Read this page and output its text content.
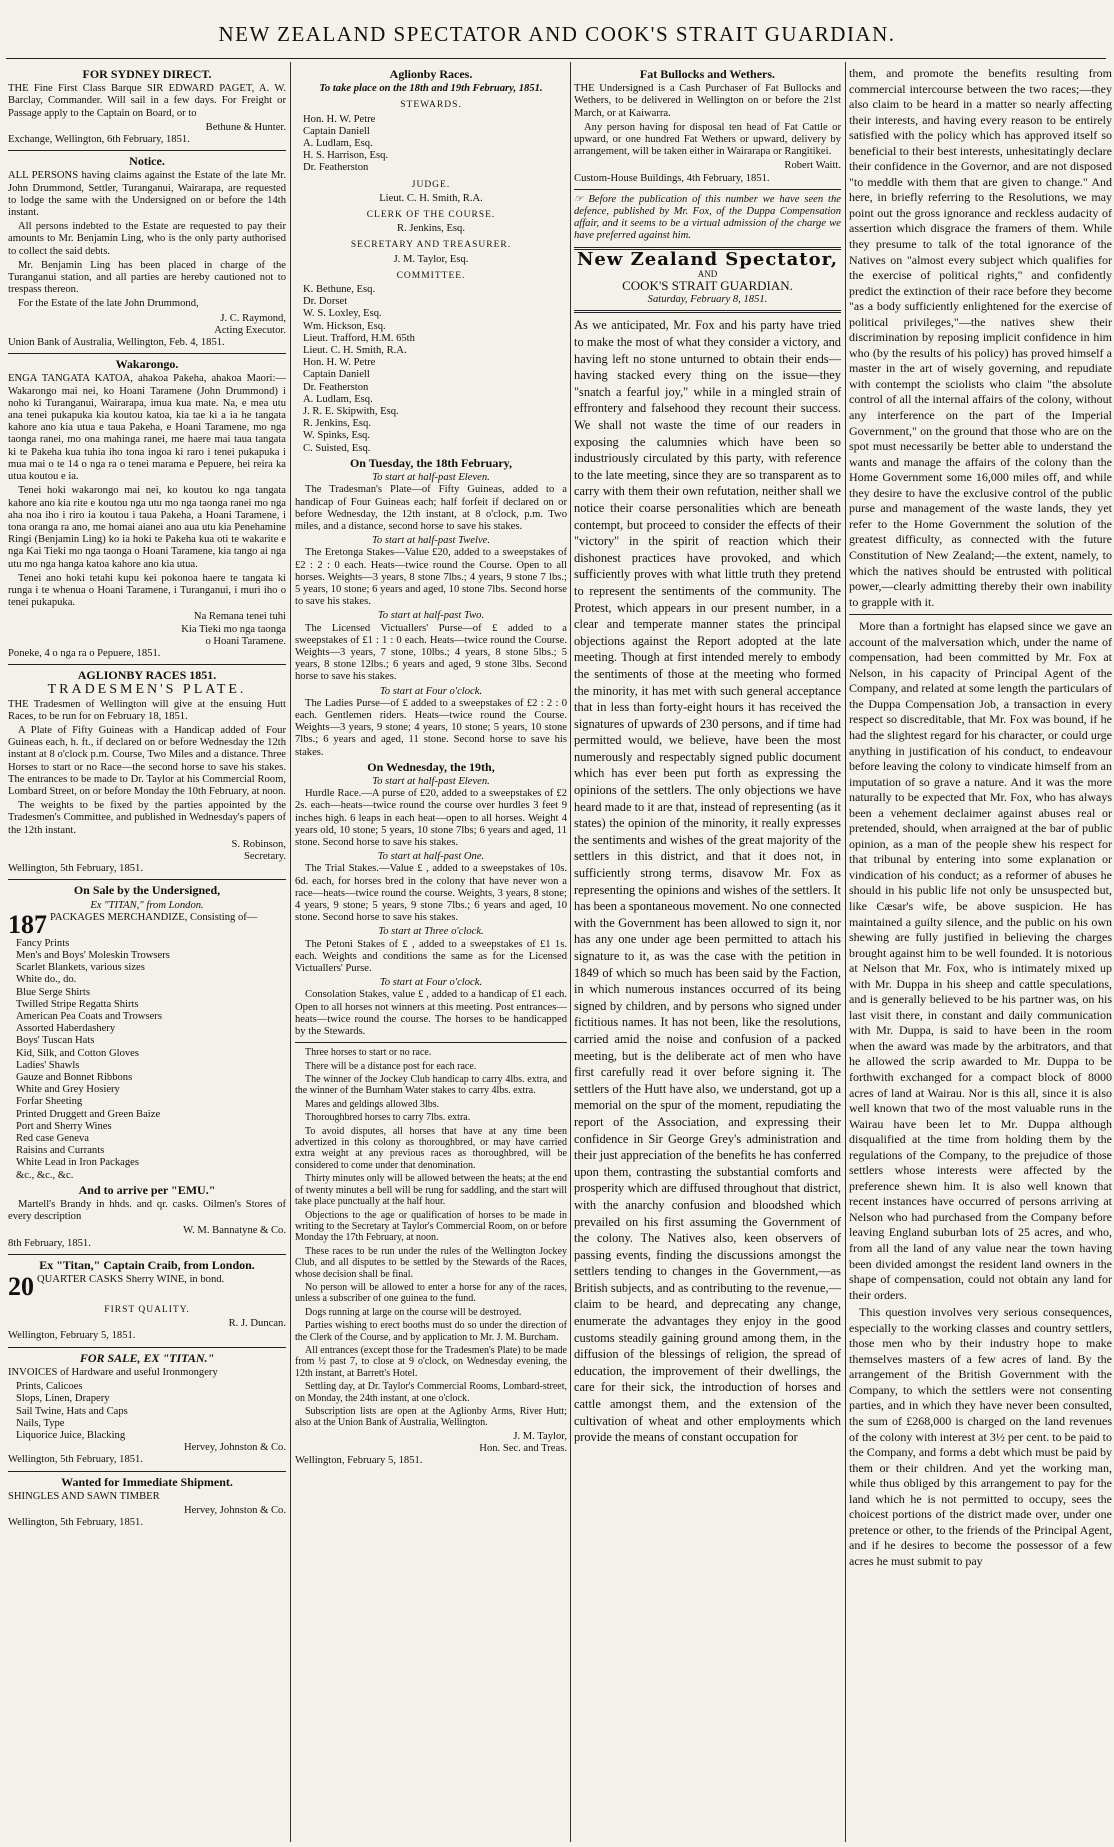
NEW ZEALAND SPECTATOR AND COOK'S STRAIT GUARDIAN.
FOR SYDNEY DIRECT.

THE Fine First Class Barque SIR EDWARD PAGET, A. W. Barclay, Commander. Will sail in a few days. For Freight or Passage apply to the Captain on Board, or to

Bethune & Hunter.
Exchange, Wellington, 6th February, 1851.
Notice.

ALL PERSONS having claims against the Estate of the late Mr. John Drummond, Settler, Turanganui, Wairarapa, are requested to lodge the same with the Undersigned on or before the 14th instant.

All persons indebted to the Estate are requested to pay their amounts to Mr. Benjamin Ling, who is the only party authorised to collect the said debts.

Mr. Benjamin Ling has been placed in charge of the Turanganui station, and all parties are hereby cautioned not to trespass thereon.

For the Estate of the late John Drummond,

J. C. Raymond,
Acting Executor.
Union Bank of Australia, Wellington, Feb. 4, 1851.
Wakarongo.

ENGA TANGATA KATOA, ahakoa Pakeha, ahakoa Maori:—Wakarongo mai nei, ko Hoani Taramene (John Drummond) i noho ki Turanganui, Wairarapa, imua kua mate. Na, e mea utu ana tenei pukapuka kia koutou katoa, kia tae ki a ia he tangata kahore ano kia utua e taua Pakeha, e Hoani Taramene, mo nga taonga ranei, mo ona mahinga ranei, me haere mai taua tangata ki te Pakeha kua tuhia iho tona ingoa ki raro i tenei pukapuka i mua mai o te 14 o nga ra o tenei marama e Pepuere, hei reira ka utua koutou e ia.

Tenei hoki wakarongo mai nei, ko koutou ko nga tangata kahore ano kia rite e koutou nga utu mo nga taonga ranei mo nga aha noa iho i riro ia koutou i taua Pakeha, a Hoani Taramene, i tona oranga ra ano, me homai aianei ano aua utu kia Penehamine Ringi (Benjamin Ling) ko ia hoki te Pakeha kua oti te wakarite e nga Kai Tieki mo nga taonga o Hoani Taramene, kia tango ai nga utu mo nga hanga katoa kahore ano kia utua.

Tenei ano hoki tetahi kupu kei pokonoa haere te tangata ki runga i te whenua o Hoani Taramene, i Turanganui, i muri iho o tenei pukapuka.

Na Remana tenei tuhi
Kia Tieki mo nga taonga
o Hoani Taramene.
Poneke, 4 o nga ra o Pepuere, 1851.
AGLIONBY RACES 1851.
TRADESMEN'S PLATE.

THE Tradesmen of Wellington will give at the ensuing Hutt Races, to be run for on February 18, 1851.

A Plate of Fifty Guineas with a Handicap added of Four Guineas each, h. ft., if declared on or before Wednesday the 12th instant at 8 o'clock p.m. Course, Two Miles and a distance. Three Horses to start or no Race—the second horse to save his stakes. The entrances to be made to Dr. Taylor at his Commercial Room, Lombard Street, on or before Monday the 10th February, at noon.

The weights to be fixed by the parties appointed by the Tradesmen's Committee, and published in Wednesday's papers of the 12th instant.

S. Robinson,
Secretary.
Wellington, 5th February, 1851.
On Sale by the Undersigned,
Ex "TITAN," from London.
187 PACKAGES MERCHANDIZE, Consisting of—
Fancy Prints
Men's and Boys' Moleskin Trowsers
Scarlet Blankets, various sizes
White do., do.
Blue Serge Shirts
Twilled Stripe Regatta Shirts
American Pea Coats and Trowsers
Assorted Haberdashery
Boys' Tuscan Hats
Kid, Silk, and Cotton Gloves
Ladies' Shawls
Gauze and Bonnet Ribbons
White and Grey Hosiery
Forfar Sheeting
Printed Druggett and Green Baize
Port and Sherry Wines
Red case Geneva
Raisins and Currants
White Lead in Iron Packages
&c., &c., &c.
And to arrive per "EMU."

Martell's Brandy in hhds. and qr. casks. Oilmen's Stores of every description

W. M. Bannatyne & Co.
8th February, 1851.
Ex "Titan," Captain Craib, from London.
20 QUARTER CASKS Sherry WINE, in bond.
FIRST QUALITY.
R. J. Duncan.
Wellington, February 5, 1851.
FOR SALE, EX "TITAN."

INVOICES of Hardware and useful Ironmongery

Prints, Calicoes
Slops, Linen, Drapery
Sail Twine, Hats and Caps
Nails, Type
Liquorice Juice, Blacking
Hervey, Johnston & Co.
Wellington, 5th February, 1851.
Wanted for Immediate Shipment.

SHINGLES AND SAWN TIMBER

Hervey, Johnston & Co.
Wellington, 5th February, 1851.
Aglionby Races.
To take place on the 18th and 19th February, 1851.
STEWARDS.
Hon. H. W. Petre
Captain Daniell
A. Ludlam, Esq.
H. S. Harrison, Esq.
Dr. Featherston
JUDGE.
Lieut. C. H. Smith, R.A.
CLERK OF THE COURSE.
R. Jenkins, Esq.
SECRETARY AND TREASURER.
J. M. Taylor, Esq.
COMMITTEE.
K. Bethune, Esq.
Dr. Dorset
W. S. Loxley, Esq.
Wm. Hickson, Esq.
Lieut. Trafford, H.M. 65th
Lieut. C. H. Smith, R.A.
Hon. H. W. Petre
Captain Daniell
Dr. Featherston
A. Ludlam, Esq.
J. R. E. Skipwith, Esq.
R. Jenkins, Esq.
W. Spinks, Esq.
C. Suisted, Esq.
On Tuesday, the 18th February,
To start at half-past Eleven.

The Tradesman's Plate—of Fifty Guineas, added to a handicap of Four Guineas each; half forfeit if declared on or before Wednesday, the 12th instant, at 8 o'clock, p.m. Two miles, and a distance, second horse to save his stakes.

To start at half-past Twelve.

The Eretonga Stakes—Value £20, added to a sweepstakes of £2 : 2 : 0 each. Heats—twice round the Course. Open to all horses. Weights—3 years, 8 stone 7lbs.; 4 years, 9 stone 7 lbs.; 5 years, 10 stone; 6 years and aged, 10 stone 7lbs. Second horse to save his stakes.

To start at half-past Two.

The Licensed Victuallers' Purse—of £ added to a sweepstakes of £1 : 1 : 0 each. Heats—twice round the Course. Weights—3 years, 7 stone, 10lbs.; 4 years, 8 stone 5lbs.; 5 years, 8 stone 12lbs.; 6 years and aged, 9 stone 3lbs. Second horse to save his stakes.

To start at Four o'clock.

The Ladies Purse—of £ added to a sweepstakes of £2 : 2 : 0 each. Gentlemen riders. Heats—twice round the Course. Weights—3 years, 9 stone; 4 years, 10 stone; 5 years, 10 stone 7lbs.; 6 years and aged, 11 stone. Second horse to save his stakes.

On Wednesday, the 19th,
To start at half-past Eleven.

Hurdle Race.—A purse of £20, added to a sweepstakes of £2 2s. each—heats—twice round the course over hurdles 3 feet 9 inches high. 6 leaps in each heat—open to all horses. Weight 4 years old, 10 stone; 5 years, 10 stone 7lbs; 6 years and aged, 11 stone. Second horse to save his stakes.

To start at half-past One.

The Trial Stakes.—Value £ , added to a sweepstakes of 10s. 6d. each, for horses bred in the colony that have never won a race—heats—twice round the course. Weights, 3 years, 8 stone; 4 years, 9 stone; 5 years, 9 stone 7lbs.; 6 years and aged, 10 stone. Second horse to save his stakes.

To start at Three o'clock.

The Petoni Stakes of £ , added to a sweepstakes of £1 1s. each. Weights and conditions the same as for the Licensed Victuallers' Purse.

To start at Four o'clock.

Consolation Stakes, value £ , added to a handicap of £1 each. Open to all horses not winners at this meeting. Post entrances—heats—twice round the course. The horses to be handicapped by the Stewards.

Three horses to start or no race.

There will be a distance post for each race.

The winner of the Jockey Club handicap to carry 4lbs. extra, and the winner of the Burnham Water stakes to carry 4lbs. extra.

Mares and geldings allowed 3lbs.

Thoroughbred horses to carry 7lbs. extra.

To avoid disputes, all horses that have at any time been advertized in this colony as thoroughbred, or may have carried extra weight at any previous races as thoroughbred, will be considered to come under that denomination.

Thirty minutes only will be allowed between the heats; at the end of twenty minutes a bell will be rung for saddling, and the start will take place punctually at the half hour.

Objections to the age or qualification of horses to be made in writing to the Secretary at Taylor's Commercial Room, on or before Monday the 17th February, at noon.

These races to be run under the rules of the Wellington Jockey Club, and all disputes to be settled by the Stewards of the Races, whose decision shall be final.

No person will be allowed to enter a horse for any of the races, unless a subscriber of one guinea to the fund.

Dogs running at large on the course will be destroyed.

Parties wishing to erect booths must do so under the direction of the Clerk of the Course, and by application to Mr. J. M. Burcham.

All entrances (except those for the Tradesmen's Plate) to be made from ½ past 7, to close at 9 o'clock, on Wednesday evening, the 12th instant, at Barrett's Hotel.

Settling day, at Dr. Taylor's Commercial Rooms, Lombard-street, on Monday, the 24th instant, at one o'clock.

Subscription lists are open at the Aglionby Arms, River Hutt; also at the Union Bank of Australia, Wellington.

J. M. Taylor,
Hon. Sec. and Treas.
Wellington, February 5, 1851.
Fat Bullocks and Wethers.

THE Undersigned is a Cash Purchaser of Fat Bullocks and Wethers, to be delivered in Wellington on or before the 21st March, or at Kaiwarra.

Any person having for disposal ten head of Fat Cattle or upward, or one hundred Fat Wethers or upward, delivery by arrangement, will be taken either in Wairarapa or Rangitikei.

Robert Waitt.
Custom-House Buildings, 4th February, 1851.

☞ Before the publication of this number we have seen the defence, published by Mr. Fox, of the Duppa Compensation affair, and it seems to be a virtual admission of the charge we have preferred against him.

New Zealand Spectator,
AND
COOK'S STRAIT GUARDIAN.
Saturday, February 8, 1851.

As we anticipated, Mr. Fox and his party have tried to make the most of what they consider a victory, and having left no stone unturned to obtain their ends—having stacked every thing on the issue—they "snatch a fearful joy," while in a mingled strain of effrontery and falsehood they recount their success. We shall not waste the time of our readers in exposing the calumnies which have been so industriously circulated by this party, with reference to the late meeting, since they are so transparent as to carry with them their own refutation, neither shall we notice their coarse personalities which are beneath contempt, but proceed to consider the effects of their "victory" in the spirit of reaction which their dishonest practices have provoked, and which sufficiently proves with what little truth they pretend to represent the sentiments of the community. The Protest, which appears in our present number, in a clear and temperate manner states the principal objections against the Report adopted at the late meeting. Though at first intended merely to embody the sentiments of those at the meeting who formed the minority, it has met with such general acceptance that in less than forty-eight hours it has received the signatures of upwards of 230 persons, and if time had permitted would, we believe, have been the most numerously and respectably signed public document which has ever been put forth as expressing the opinions of the settlers. The only objections we have heard made to it are that, instead of representing (as it states) the opinion of the minority, it really expresses the sentiments and wishes of the great majority of the settlers in this district, and that it does not, in sufficiently strong terms, disavow Mr. Fox as representing the opinions and wishes of the settlers. It has been a spontaneous movement. No one connected with the Government has been allowed to sign it, nor has any one under age been permitted to attach his signature to it, as was the case with the petition in 1849 of which so much has been said by the Faction, in which numerous instances occurred of its being signed by children, and by persons who signed under fictitious names. It has not been, like the resolutions, carried amid the noise and confusion of a packed meeting, but is the deliberate act of men who have first carefully read it over before signing it. The settlers of the Hutt have also, we understand, got up a memorial on the spur of the moment, repudiating the report of the Association, and expressing their confidence in Sir George Grey's administration and their just appreciation of the benefits he has conferred upon them, contrasting the substantial comforts and prosperity which are diffused throughout that district, with the anarchy confusion and bloodshed which prevailed on his first assuming the Government of the colony. The Natives also, keen observers of passing events, finding the discussions amongst the settlers tending to changes in the Government,—as British subjects, and as contributing to the revenue,—claim to be heard, and deprecating any change, enumerate the advantages they enjoy in the good customs steadily gaining ground among them, in the diffusion of the blessings of religion, the spread of education, the improvement of their dwellings, the care for their sick, the introduction of horses and cattle amongst them, and the extension of the cultivation of wheat and other employments which provide the means of constant occupation for

them, and promote the benefits resulting from commercial intercourse between the two races;—they also claim to be heard in a matter so nearly affecting their interests, and having every reason to be entirely satisfied with the policy which has approved itself so beneficial to their best interests, unhesitatingly declare their confidence in the Governor, and are not disposed "to meddle with them that are given to change." And here, in briefly referring to the Resolutions, we may point out the gross ignorance and reckless audacity of assertion which disgrace the framers of them. While they presume to talk of the total ignorance of the Natives on "almost every subject which qualifies for the exercise of political rights," and confidently predict the extinction of their race before they become "as a body sufficiently enlightened for the exercise of political privileges,"—the natives shew their discrimination by reposing implicit confidence in him who (by the results of his policy) has proved himself a master in the art of wisely governing, and repudiate with contempt the sciolists who claim "the absolute control of all the internal affairs of the colony, without any interference on the part of the Imperial Government," on the ground that those who are on the spot must necessarily be better able to understand the wants and manage the affairs of the colony than the Home Government some 16,000 miles off, and while they desire to have the exclusive control of the public purse and management of the waste lands, they yet refer to the Home Government the solution of the greatest difficulty, as connected with the future Constitution of New Zealand;—the extent, namely, to which the natives should be entrusted with political power,—clearly admitting thereby their own inability to grapple with it.

More than a fortnight has elapsed since we gave an account of the malversation which, under the name of compensation, had been committed by Mr. Fox at Nelson, in his capacity of Principal Agent of the Company, and related at some length the particulars of the Duppa Compensation Job, a transaction in every respect so discreditable, that Mr. Fox was bound, if he had the slightest regard for his character, or could urge anything in justification of his conduct, to endeavour before leaving the colony to vindicate himself from an imputation of so grave a nature. And it was the more naturally to be expected that Mr. Fox, who has always been a vehement declaimer against abuses real or pretended, should, when arraigned at the bar of public opinion, as a man of the people shew his respect for that tribunal by entering into some explanation or vindication of his conduct; as a reformer of abuses he should in his public life not only be unsuspected but, like Cæsar's wife, be above suspicion. He has maintained a guilty silence, and the public on his own shewing are fully justified in believing the charges brought against him to be well founded. It is notorious at Nelson that Mr. Fox, who is intimately mixed up with Mr. Duppa in his sheep and cattle speculations, and is generally believed to be his partner was, on his last visit there, in constant and daily communication with Mr. Duppa, is said to have been in the room when the award was made by the arbitrators, and that he allowed the scrip awarded to Mr. Duppa to be forthwith exchanged for a compact block of 8000 acres of land at Wairau. Nor is this all, since it is also well known that two of the most valuable runs in the Wairau have been let to Mr. Duppa although disqualified at the time from holding them by the regulations of the Company, to the prejudice of those settlers whose interests were affected by the preference shewn him. It is also well known that recent instances have occurred of persons arriving at Nelson who had purchased from the Company before leaving England suburban lots of 25 acres, and who, from all the land of any value near the town having been divided amongst the resident land owners in the shape of compensation, could not obtain any land for their orders.

This question involves very serious consequences, especially to the working classes and country settlers, those men who by their industry hope to make themselves masters of a few acres of land. By the arrangement of the British Government with the Company, to which the settlers were not consenting parties, and in which they have never been consulted, the sum of £268,000 is charged on the land revenues of the colony with interest at 3½ per cent. to be paid to the Company, and forms a debt which must be paid by them or their children. And yet the working man, while thus obliged by this arrangement to pay for the land which he is not permitted to occupy, sees the choicest portions of the district made over, under one pretence or other, to the friends of the Principal Agent, and if he desires to become the possessor of a few acres he must submit to pay
